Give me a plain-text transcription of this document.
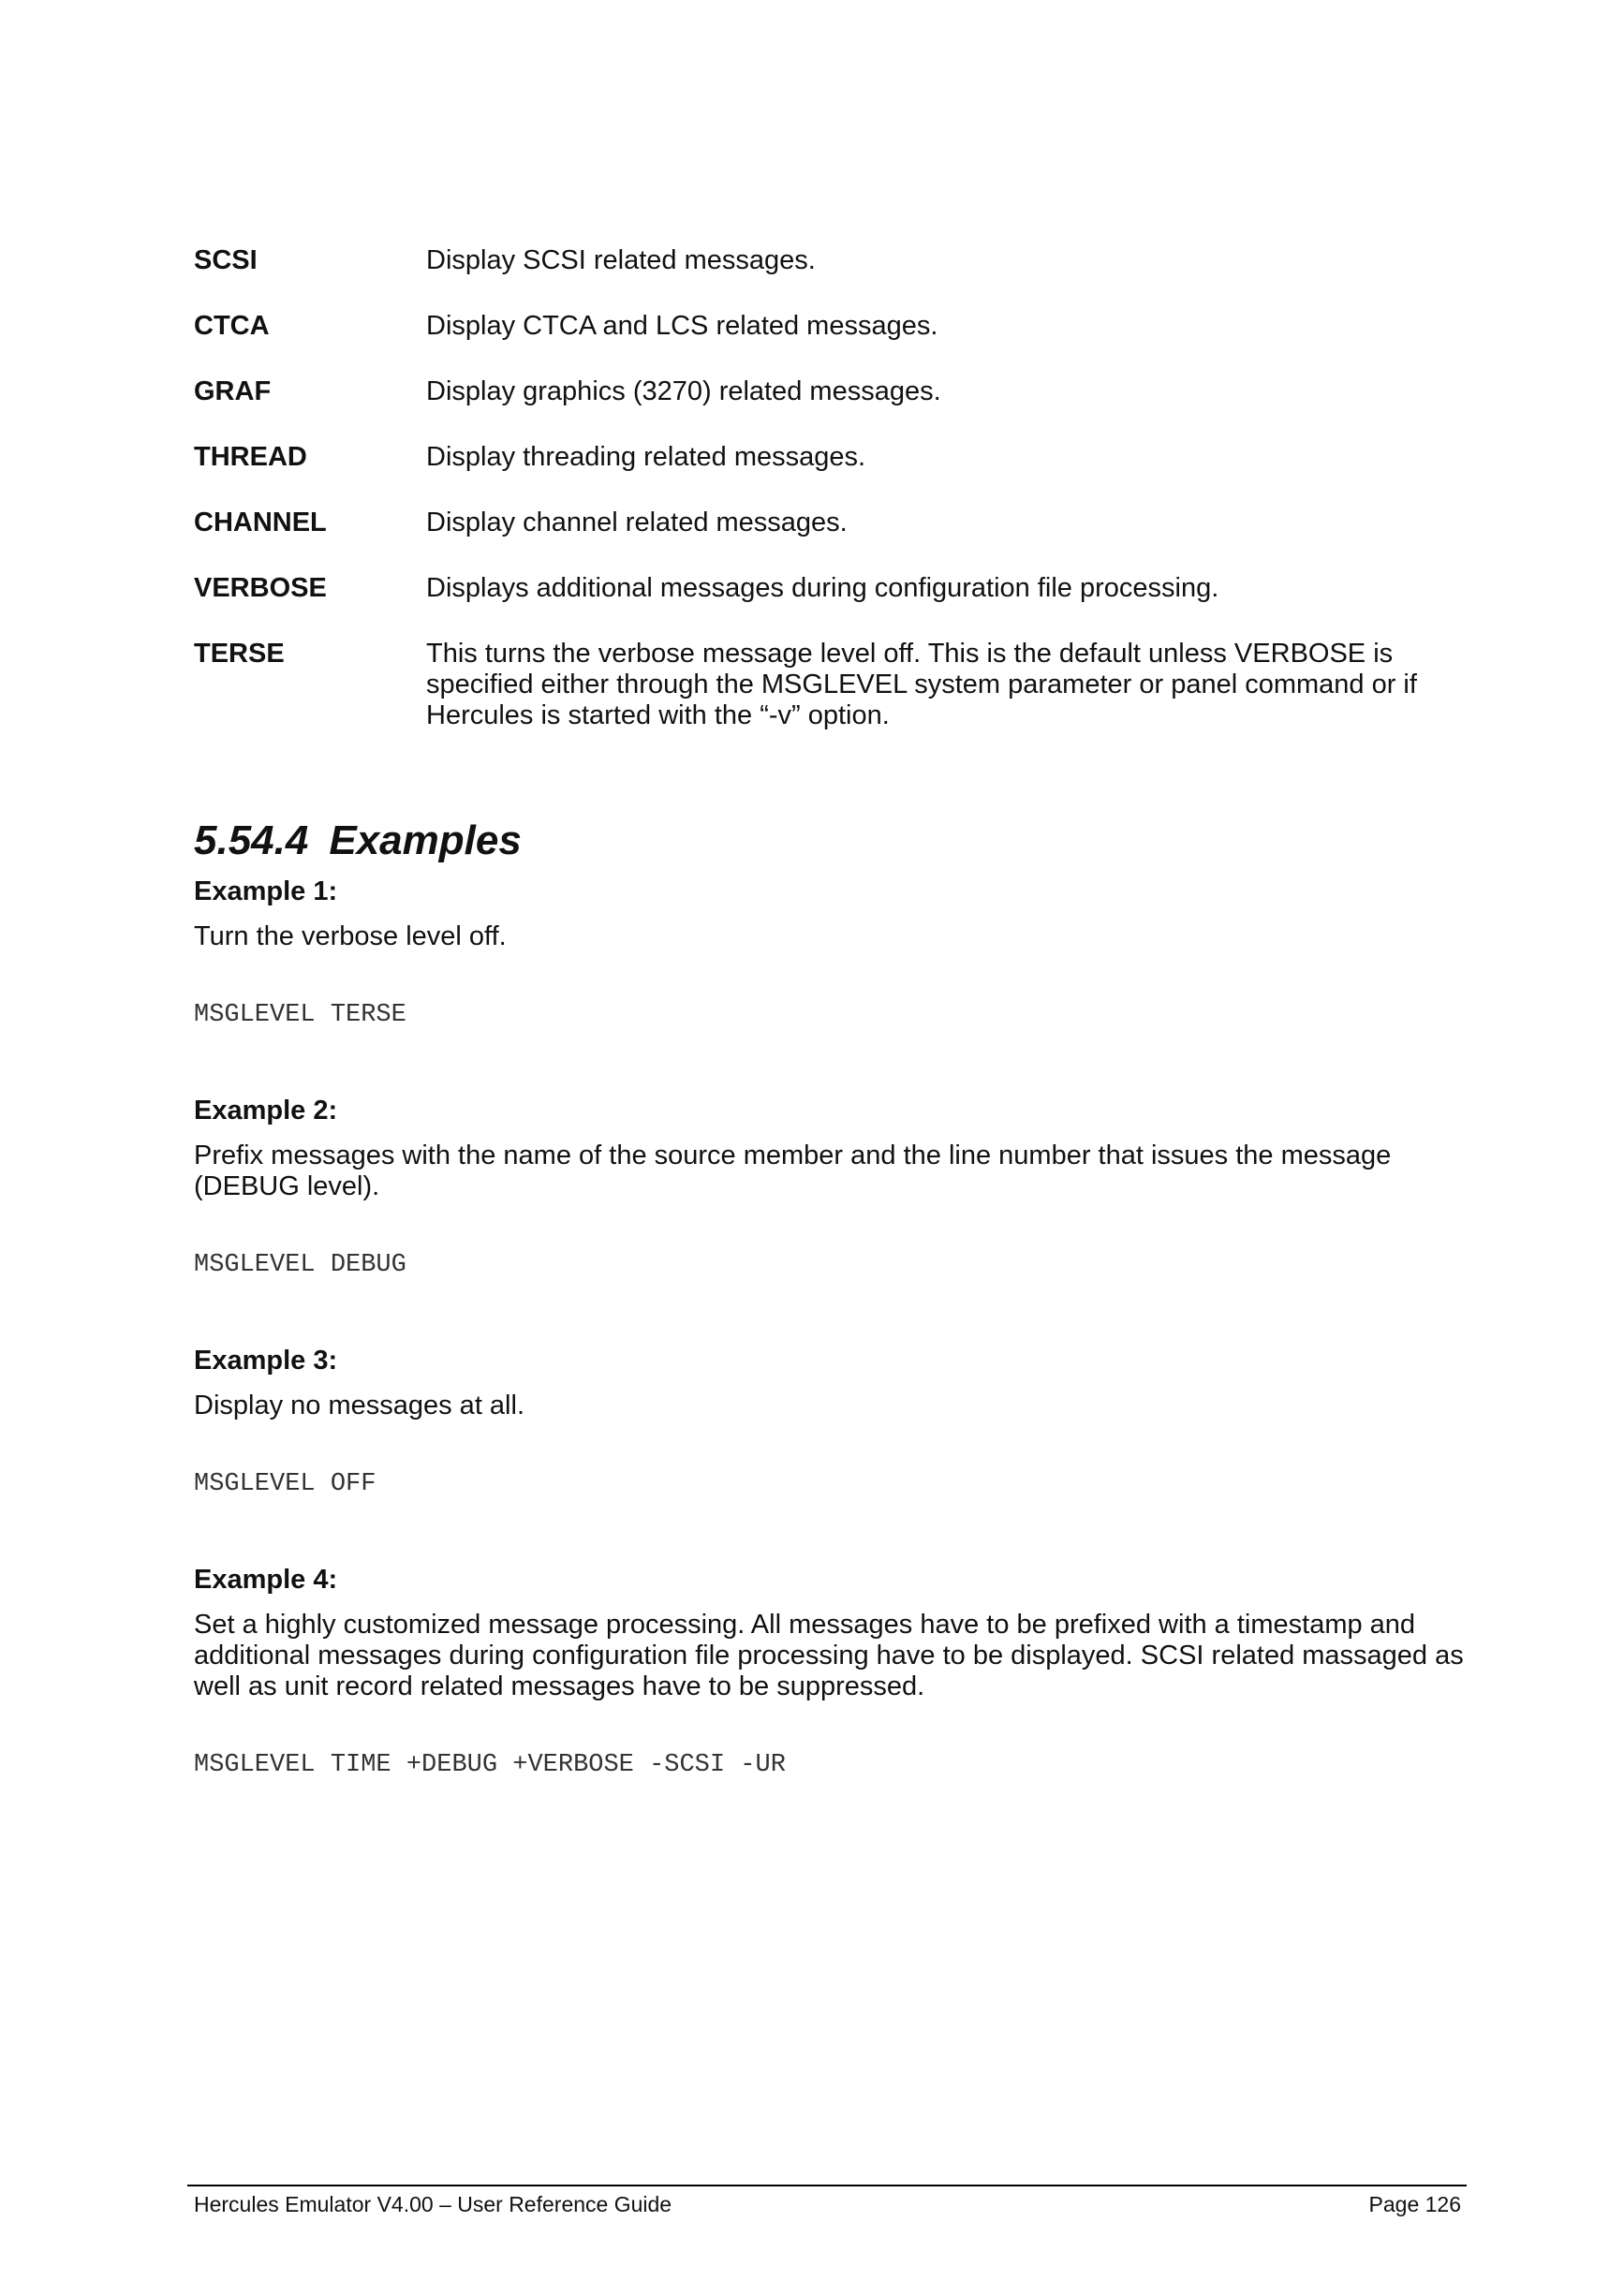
SCSI	Display SCSI related messages.
CTCA	Display CTCA and LCS related messages.
GRAF	Display graphics (3270) related messages.
THREAD	Display threading related messages.
CHANNEL	Display channel related messages.
VERBOSE	Displays additional messages during configuration file processing.
TERSE	This turns the verbose message level off. This is the default unless VERBOSE is specified either through the MSGLEVEL system parameter or panel command or if Hercules is started with the “-v” option.
5.54.4 Examples
Example 1:
Turn the verbose level off.
MSGLEVEL TERSE
Example 2:
Prefix messages with the name of the source member and the line number that issues the message (DEBUG level).
MSGLEVEL DEBUG
Example 3:
Display no messages at all.
MSGLEVEL OFF
Example 4:
Set a highly customized message processing. All messages have to be prefixed with a timestamp and additional messages during configuration file processing have to be displayed. SCSI related massaged as well as unit record related messages have to be suppressed.
MSGLEVEL TIME +DEBUG +VERBOSE -SCSI -UR
Hercules Emulator V4.00 – User Reference Guide	Page 126
